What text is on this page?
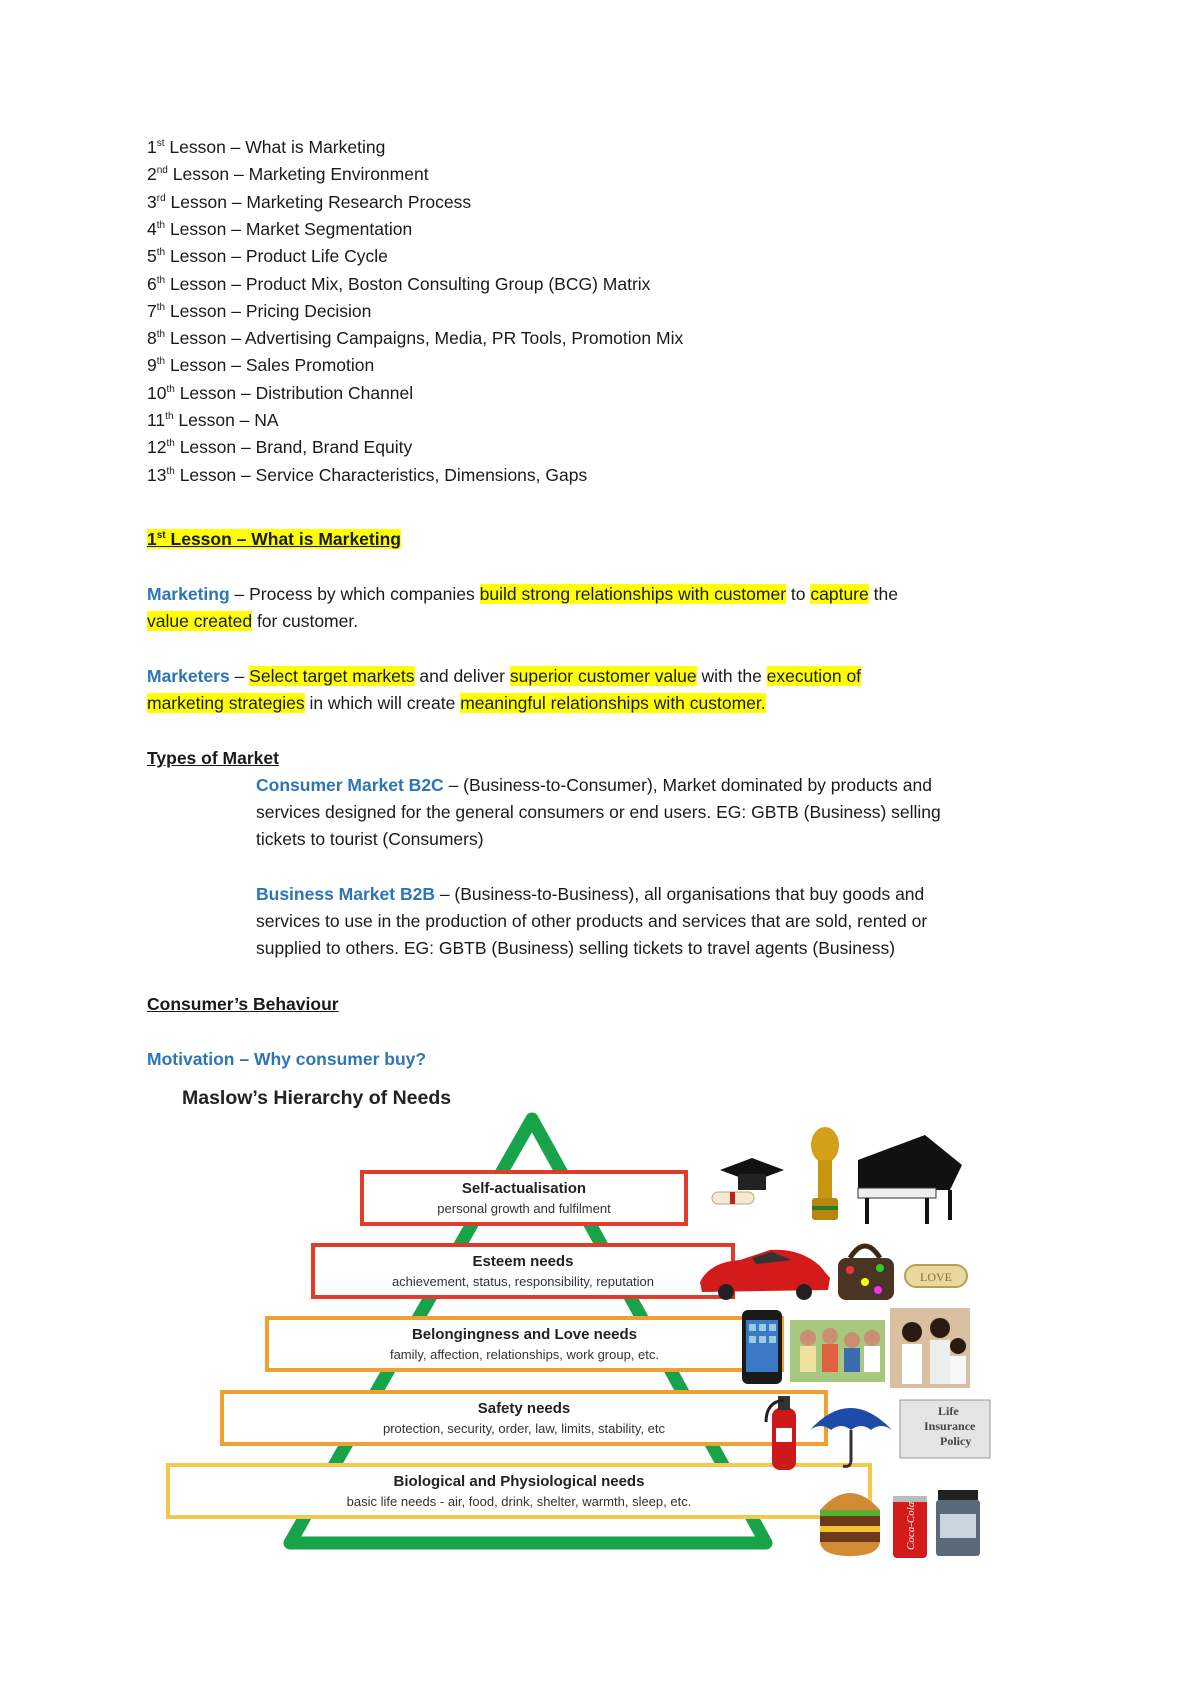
1st Lesson – What is Marketing
2nd Lesson – Marketing Environment
3rd Lesson – Marketing Research Process
4th Lesson – Market Segmentation
5th Lesson – Product Life Cycle
6th Lesson – Product Mix, Boston Consulting Group (BCG) Matrix
7th Lesson – Pricing Decision
8th Lesson – Advertising Campaigns, Media, PR Tools, Promotion Mix
9th Lesson – Sales Promotion
10th Lesson – Distribution Channel
11th Lesson – NA
12th Lesson – Brand, Brand Equity
13th Lesson – Service Characteristics, Dimensions, Gaps
1st Lesson – What is Marketing
Marketing – Process by which companies build strong relationships with customer to capture the
value created for customer.
Marketers – Select target markets and deliver superior customer value with the execution of
marketing strategies in which will create meaningful relationships with customer.
Types of Market
Consumer Market B2C – (Business-to-Consumer), Market dominated by products and
services designed for the general consumers or end users. EG: GBTB (Business) selling
tickets to tourist (Consumers)
Business Market B2B – (Business-to-Business), all organisations that buy goods and
services to use in the production of other products and services that are sold, rented or
supplied to others. EG: GBTB (Business) selling tickets to travel agents (Business)
Consumer’s Behaviour
Motivation – Why consumer buy?
Maslow’s Hierarchy of Needs
Self-actualisation
personal growth and fulfilment
Esteem needs
achievement, status, responsibility, reputation
Belongingness and Love needs
family, affection, relationships, work group, etc.
Safety needs
protection, security, order, law, limits, stability, etc
Biological and Physiological needs
basic life needs - air, food, drink, shelter, warmth, sleep, etc.
LOVE
Life
Insurance
Policy
Coca-Cola
